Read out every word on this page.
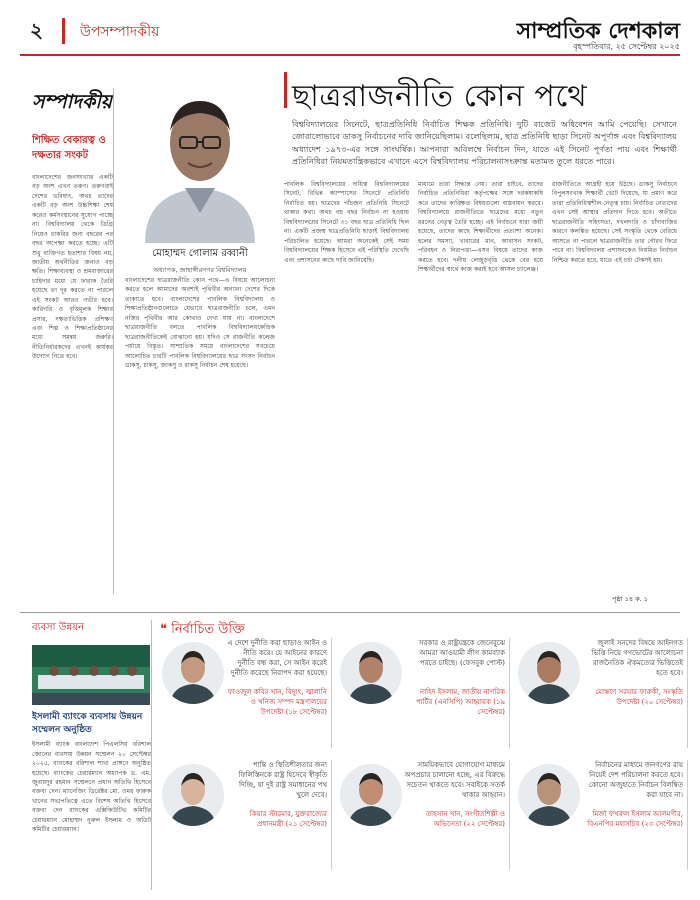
২	উপসম্পাদকীয়	সাম্প্রতিক দেশকাল
বৃহস্পতিবার, ২৫ সেপ্টেম্বর ২০২৫
সম্পাদকীয়
শিক্ষিত বেকারত্ব ও দক্ষতার সংকট
বাংলাদেশের জনসংখ্যার একটি বড় অংশ এখন তরুণ। তরুণরাই দেশের ভবিষ্যৎ, অথচ তাদের একটি বড় অংশ উচ্চশিক্ষা শেষ করেও কর্মসংস্থানের সুযোগ পাচ্ছে না। বিশ্ববিদ্যালয় থেকে ডিগ্রি নিয়েও চাকরির জন্য বছরের পর বছর অপেক্ষা করতে হচ্ছে। এটি শুধু ব্যক্তিগত হতাশার বিষয় নয়, জাতীয় অর্থনীতির জন্যও বড় ক্ষতি। শিক্ষাব্যবস্থা ও শ্রমবাজারের চাহিদার মধ্যে যে ফারাক তৈরি হয়েছে তা দূর করতে না পারলে এই সংকট আরও গভীর হবে। কারিগরি ও বৃত্তিমূলক শিক্ষার প্রসার, দক্ষতাভিত্তিক প্রশিক্ষণ এবং শিল্প ও শিক্ষাপ্রতিষ্ঠানের মধ্যে সমন্বয় জরুরি। নীতিনির্ধারকদের এখনই কার্যকর উদ্যোগ নিতে হবে।
মোহাম্মদ গোলাম রব্বানী
অধ্যাপক, জাহাঙ্গীরনগর বিশ্ববিদ্যালয়
ছাত্ররাজনীতি কোন পথে
বিশ্ববিদ্যালয়ের সিনেটে, ছাত্রপ্রতিনিধি নির্বাচিত শিক্ষক প্রতিনিধি। দুটি বাজেট অধিবেশন আমি পেয়েছি। সেখানে জোরালোভাবে ডাকসু নির্বাচনের দাবি জানিয়েছিলাম। বলেছিলাম, ছাত্র প্রতিনিধি ছাড়া সিনেট অপূর্ণাঙ্গ এবং বিশ্ববিদ্যালয় অধ্যাদেশ ১৯৭৩-এর সঙ্গে সাংঘর্ষিক। আপনারা অবিলম্বে নির্বাচন দিন, যাতে এই সিনেট পূর্ণতা পায় এবং শিক্ষার্থী প্রতিনিধিরা নিয়মতান্ত্রিকভাবে এখানে এসে বিশ্ববিদ্যালয় পরিচালনাসংক্রান্ত মতামত তুলে ধরতে পারে।
বাংলাদেশের ছাত্ররাজনীতি কোন পথে—এ বিষয়ে আলোচনা করতে হলে আমাদের অবশ্যই পৃথিবীর অন্যান্য দেশের দিকে তাকাতে হবে। বাংলাদেশের পাবলিক বিশ্ববিদ্যালয় ও শিক্ষাপ্রতিষ্ঠানগুলোতে যেভাবে ছাত্ররাজনীতি চলে, এমন নজির পৃথিবীর আর কোথাও দেখা যায় না। বাংলাদেশে ছাত্ররাজনীতি বলতে পাবলিক বিশ্ববিদ্যালয়কেন্দ্রিক ছাত্ররাজনীতিকেই বোঝানো হয়। যদিও সে রাজনীতি কলেজ পর্যায়ে বিস্তৃত। সাম্প্রতিক সময়ে বাংলাদেশের সবচেয়ে আলোচিত চারটি পাবলিক বিশ্ববিদ্যালয়ের ছাত্র সংসদ নির্বাচন ডাকসু, চাকসু, জাকসু ও রাকসু নির্বাচন শেষ হয়েছে।
পাবলিক বিশ্ববিদ্যালয়ের দায়িত্ব বিশ্ববিদ্যালয়ের সিনেট, বিভিন্ন ক্যাম্পাসের সিনেটে প্রতিনিধি নির্বাচিত হয়। ছাত্রদের পাঁচজন প্রতিনিধি সিনেটে থাকার কথা। অথচ বহু বছর নির্বাচন না হওয়ায় বিশ্ববিদ্যালয়ের সিনেটে ৩১ বছর ছাত্র প্রতিনিধি ছিল না। একটি প্রজন্ম ছাত্রপ্রতিনিধি ছাড়াই বিশ্ববিদ্যালয় পরিচালিত হয়েছে। আমরা অনেকেই সেই সময় বিশ্ববিদ্যালয়ের শিক্ষক হিসেবে এই পরিস্থিতি দেখেছি এবং প্রশাসনের কাছে দাবি জানিয়েছি।
মাধ্যমে তারা সিদ্ধান্ত নেয়। তারা চাইবে, তাদের নির্বাচিত প্রতিনিধিরা কর্তৃপক্ষের সঙ্গে দরকষাকষি করে তাদের কাঙ্ক্ষিত বিষয়গুলো বাস্তবায়ন করবে। বিশ্ববিদ্যালয়ে রাজনীতিতে ছাত্রদের মধ্যে নতুন ধরনের নেতৃত্ব তৈরি হচ্ছে। এই নির্বাচনে যারা জয়ী হয়েছে, তাদের কাছে শিক্ষার্থীদের প্রত্যাশা অনেক। হলের সমস্যা, খাবারের মান, আবাসন সংকট, পরিবহন ও নিরাপত্তা—এসব বিষয়ে তাদের কাজ করতে হবে। দলীয় লেজুড়বৃত্তি থেকে বের হয়ে শিক্ষার্থীদের স্বার্থে কাজ করাই হবে আসল চ্যালেঞ্জ।
রাজনীতিতে আগ্রহী হয়ে উঠছে। ডাকসু নির্বাচনে বিপুলসংখ্যক শিক্ষার্থী ভোট দিয়েছে, যা প্রমাণ করে তারা প্রতিনিধিত্বশীল নেতৃত্ব চায়। নির্বাচিত নেতাদের এখন সেই আস্থার প্রতিদান দিতে হবে। অতীতে ছাত্ররাজনীতি সহিংসতা, দখলদারি ও চাঁদাবাজির কারণে কলঙ্কিত হয়েছে। সেই সংস্কৃতি থেকে বেরিয়ে আসতে না পারলে ছাত্ররাজনীতি তার গৌরব ফিরে পাবে না। বিশ্ববিদ্যালয় প্রশাসনকেও নিয়মিত নির্বাচন নিশ্চিত করতে হবে, যাতে এই চর্চা টেকসই হয়।
পৃষ্ঠা ১৪ ক. ১
ব্যবসা উন্নয়ন
ইসলামী ব্যাংকে ব্যবসায় উন্নয়ন সম্মেলন অনুষ্ঠিত
ইসলামী ব্যাংক বাংলাদেশ পিএলসির বরিশাল জোনের ব্যবসায় উন্নয়ন সম্মেলন ২০ সেপ্টেম্বর ২০২৫, ব্যাংকের বরিশাল শাখা প্রাঙ্গণে অনুষ্ঠিত হয়েছে। ব্যাংকের চেয়ারম্যান অধ্যাপক ড. এম. জুবায়দুর রহমান সম্মেলনে প্রধান অতিথি হিসেবে বক্তব্য দেন। ম্যানেজিং ডিরেক্টর মো. ওমর ফারুক খানের সভাপতিত্বে এতে বিশেষ অতিথি হিসেবে বক্তব্য দেন ব্যাংকের এক্সিকিউটিভ কমিটির চেয়ারম্যান মোহাম্মদ নুরুল ইসলাম ও অডিট কমিটির চেয়ারম্যান।
❝ নির্বাচিত উক্তি
এ দেশে দুর্নীতি করা ছাড়াও আইন ও নীতি করে। যে আইনের কারণে দুর্নীতি বন্ধ করা, সে আইন করেই দুর্নীতি করেছে নিরাপদ করা হয়েছে।
ফাওজুল কবির খান, বিদ্যুৎ, জ্বালানি ও খনিজ সম্পদ মন্ত্রণালয়ের উপদেষ্টা (১৮ সেপ্টেম্বর)
সরকার ও রাষ্ট্রযন্ত্রকে জেনেবুঝে আমরা আওয়ামী লীগ কামব্যাক পরতে চাইছে। (ফেসবুক পোস্ট)
নাহিদ ইসলাম, জাতীয় নাগরিক পার্টির (এনসিপি) আহ্বায়ক (১৯ সেপ্টেম্বর)
জুলাই সনদের বিষয়ে আইনগত ভিত্তি নিয়ে গণভোটের আলোচনা রাজনৈতিক ঐকমত্যের ভিত্তিতেই হতে হবে।
মোস্তফা সরয়ার ফারুকী, সংস্কৃতি উপদেষ্টা (২০ সেপ্টেম্বর)
শান্তি ও স্থিতিশীলতার জন্য ফিলিস্তিনকে রাষ্ট্র হিসেবে স্বীকৃতি দিচ্ছি, যা দুই রাষ্ট্র সমাধানের পথ খুলে দেবে।
কিয়ার স্টারমার, যুক্তরাজ্যের প্রধানমন্ত্রী (২১ সেপ্টেম্বর)
সাময়িকভাবে যোগাযোগ মাধ্যমে অপপ্রচার চালানো হচ্ছে, এর বিরুদ্ধে সচেতন থাকতে হবে। সবাইকে সতর্ক থাকার আহ্বান।
তাহসান খান, সংগীতশিল্পী ও অভিনেতা (২২ সেপ্টেম্বর)
নির্বাচনের মাধ্যমে জনগণের রায় নিয়েই দেশ পরিচালনা করতে হবে। কোনো অজুহাতে নির্বাচন বিলম্বিত করা যাবে না।
মির্জা ফখরুল ইসলাম আলমগীর, বিএনপির মহাসচিব (২৩ সেপ্টেম্বর)
